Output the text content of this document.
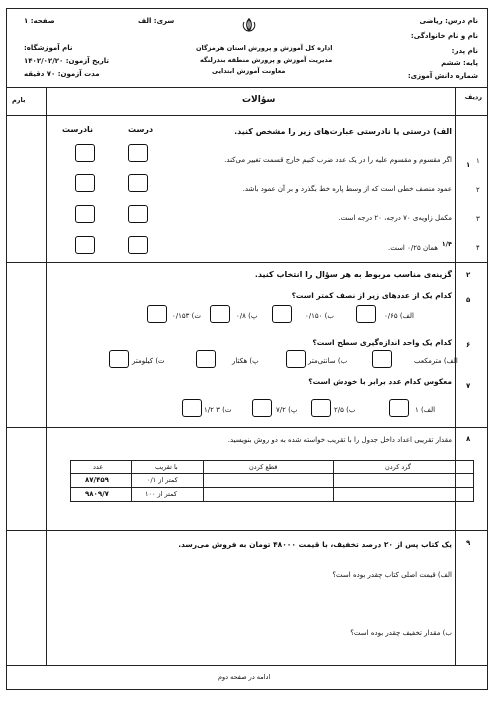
نام درس: ریاضی
نام و نام خانوادگی:
نام پدر:
پایه: ششم
شماره دانش آموزی:
اداره کل آموزش و پرورش استان هرمزگان
مدیریت آموزش و پرورش منطقه بندرلنگه
معاونت آموزش ابتدایی
سری: الف
صفحه: ۱
نام آموزشگاه:
تاریخ آزمون: ۱۴۰۲/۰۲/۲۰
مدت آزمون: ۷۰ دقیقه
ردیف
سؤالات
بارم
۱
الف) درستی یا نادرستی عبارت‌های زیر را مشخص کنید.
درست
نادرست
اگر مقسوم و مقسوم علیه را در یک عدد ضرب کنیم خارج قسمت تغییر می‌کند.
عمود منصف خطی است که از وسط پاره خط بگذرد و بر آن عمود باشد.
مکمل زاویه‌ی ۷۰ درجه، ۲۰ درجه است.
همان ۰/۲۵ است. ۱/۴
۱
۲
۳
۴
۲
گزینه‌ی مناسب مربوط به هر سؤال را انتخاب کنید.
۵
کدام یک از عددهای زیر از نصف کمتر است؟
الف) ۰/۶۵
ب) ۰/۱۵۰
پ) ۰/۸
ت) ۰/۱۵۳
۶
کدام یک واحد اندازه‌گیری سطح است؟
الف) مترمکعب
ب) سانتی‌متر
پ) هکتار
ت) کیلومتر
۷
معکوس کدام عدد برابر با خودش است؟
الف) ۱
ب) ۲/۵
پ) ۷/۲
ت) ۳ ۱/۲
۸
مقدار تقریبی اعداد داخل جدول را با تقریب خواسته شده به دو روش بنویسید.
عدد	با تقریب	قطع کردن	گرد کردن
۸۷/۴۵۹	کمتر از ۰/۱
۹۸۰۹/۷	کمتر از ۱۰۰
۹
یک کتاب پس از ۲۰ درصد تخفیف، با قیمت ۴۸۰۰۰ تومان به فروش می‌رسد.
الف) قیمت اصلی کتاب چقدر بوده است؟
ب) مقدار تخفیف چقدر بوده است؟
ادامه در صفحه دوم
